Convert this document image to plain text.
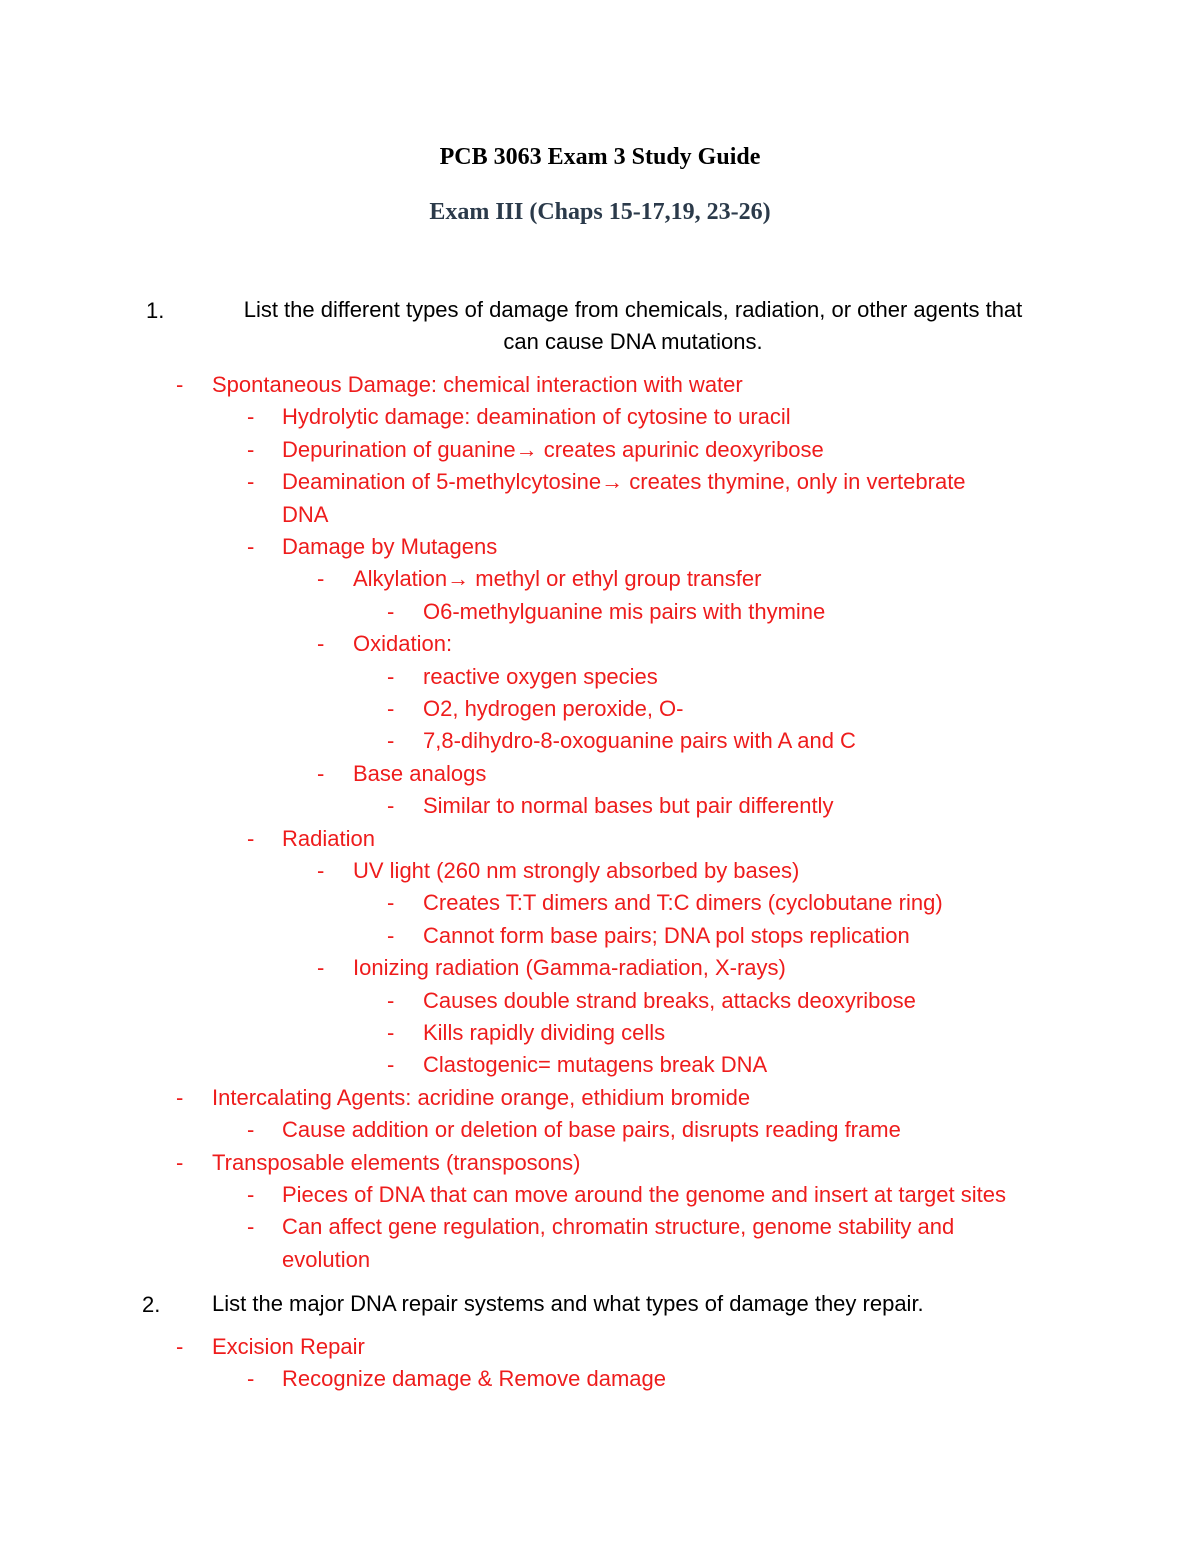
PCB 3063 Exam 3 Study Guide
Exam III (Chaps 15-17,19, 23-26)
1.	List the different types of damage from chemicals, radiation, or other agents that
can cause DNA mutations.
- Spontaneous Damage: chemical interaction with water
- Hydrolytic damage: deamination of cytosine to uracil
- Depurination of guanine→ creates apurinic deoxyribose
- Deamination of 5-methylcytosine→ creates thymine, only in vertebrate
DNA
- Damage by Mutagens
- Alkylation→ methyl or ethyl group transfer
- O6-methylguanine mis pairs with thymine
- Oxidation:
- reactive oxygen species
- O2, hydrogen peroxide, O-
- 7,8-dihydro-8-oxoguanine pairs with A and C
- Base analogs
- Similar to normal bases but pair differently
- Radiation
- UV light (260 nm strongly absorbed by bases)
- Creates T:T dimers and T:C dimers (cyclobutane ring)
- Cannot form base pairs; DNA pol stops replication
- Ionizing radiation (Gamma-radiation, X-rays)
- Causes double strand breaks, attacks deoxyribose
- Kills rapidly dividing cells
- Clastogenic= mutagens break DNA
- Intercalating Agents: acridine orange, ethidium bromide
- Cause addition or deletion of base pairs, disrupts reading frame
- Transposable elements (transposons)
- Pieces of DNA that can move around the genome and insert at target sites
- Can affect gene regulation, chromatin structure, genome stability and
evolution
2. List the major DNA repair systems and what types of damage they repair.
- Excision Repair
- Recognize damage & Remove damage
